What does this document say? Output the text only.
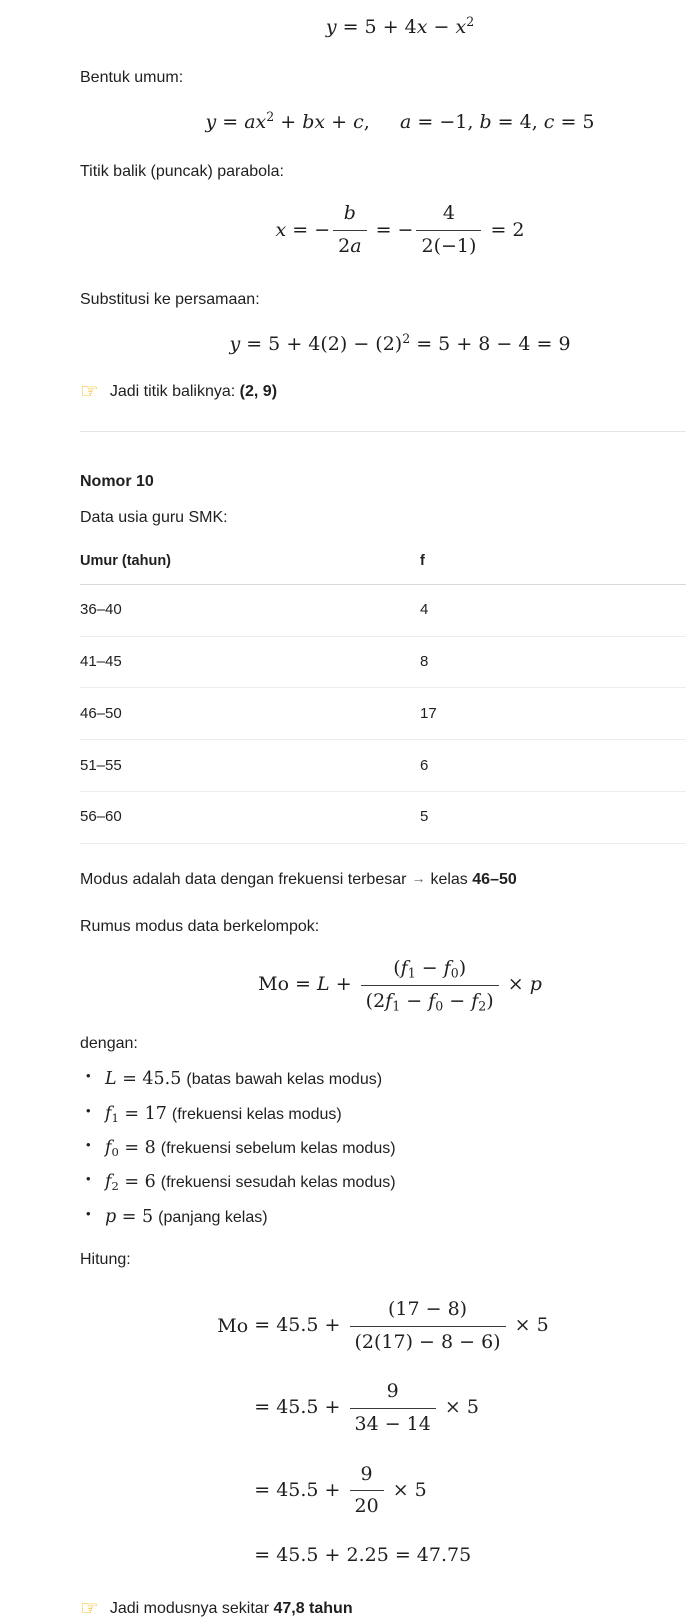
$y = 5 + 4x - x^2$

Bentuk umum:

$y = ax^2$ + bx + c,     a = −1, b = 4, c = 5

Titik balik (puncak) parabola:

x = − $\frac{b}{2a}$ = − $\frac{4}{2(-1)} = 2$

Substitusi ke persamaan:

$y = 5 + 4(2) - (2)^2 = 5 + 8 - 4 = 9$
☞ Jadi titik baliknya: (2, 9)
Nomor 10

Data usia guru SMK:

Umur (tahun)	f
36–40	4
41–45	8
46–50	17
51–55	6
56–60	5

Modus adalah data dengan frekuensi terbesar → kelas 46–50

Rumus modus data berkelompok:

$Mo = L + \frac{(f_1 - f_0)}{(2f_1 - f_0 - f_2)} \times p$

dengan:

• L = 45.5 (batas bawah kelas modus)
• $f_1 = 17$ (frekuensi kelas modus)
• $f_0 = 8$ (frekuensi sebelum kelas modus)
• $f_2 = 6$ (frekuensi sesudah kelas modus)
• p = 5 (panjang kelas)

Hitung:

Mo	= $45.5 + \frac{(17 - 8)}{(2(17) - 8 - 6)} \times 5$
	= $45.5 + \frac{9}{34 - 14} \times 5$
	= $45.5 + \frac{9}{20} \times 5$
	= 45.5 + 2.25 = 47.75
☞ Jadi modusnya sekitar 47,8 tahun
